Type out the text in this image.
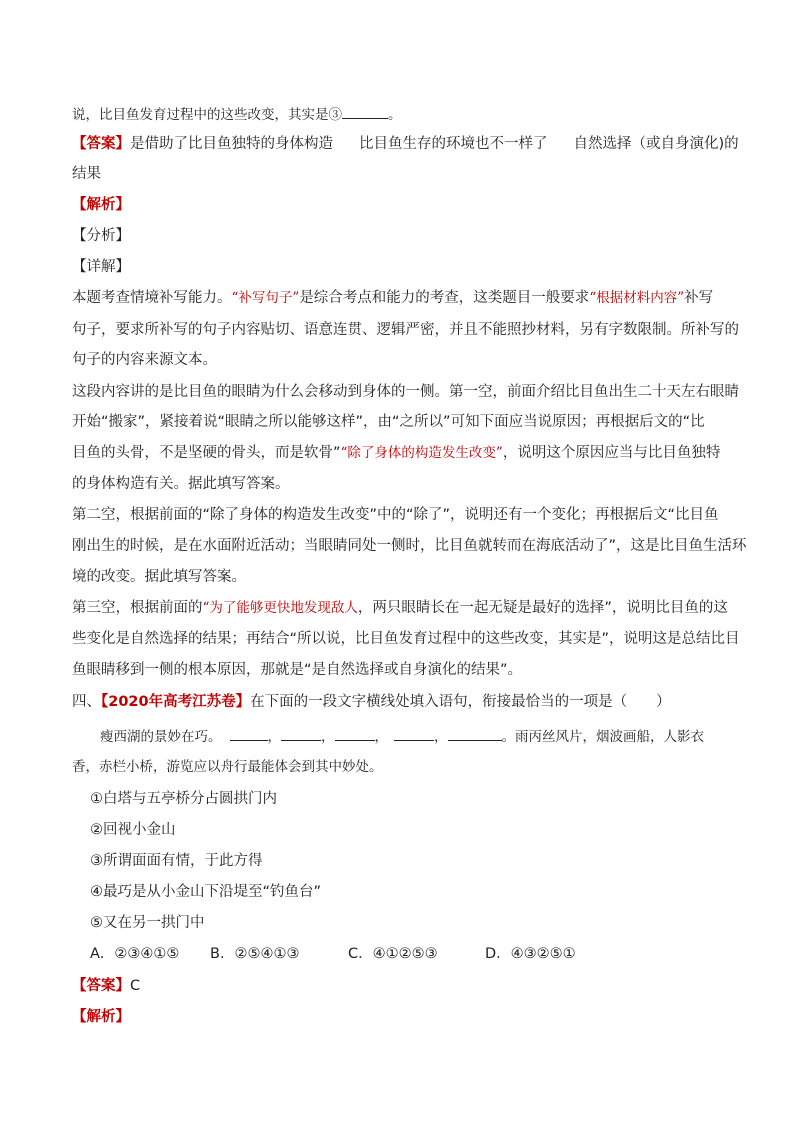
说，比目鱼发育过程中的这些改变，其实是③	。
【答案】是借助了比目鱼独特的身体构造 比目鱼生存的环境也不一样了 自然选择（或自身演化)的
结果
【解析】
【分析】
【详解】
本题考查情境补写能力。“补写句子”是综合考点和能力的考查，这类题目一般要求“根据材料内容”补写
句子，要求所补写的句子内容贴切、语意连贯、逻辑严密，并且不能照抄材料，另有字数限制。所补写的
句子的内容来源文本。
这段内容讲的是比目鱼的眼睛为什么会移动到身体的一侧。第一空，前面介绍比目鱼出生二十天左右眼睛
开始“搬家”，紧接着说“眼睛之所以能够这样”，由“之所以”可知下面应当说原因；再根据后文的“比
目鱼的头骨，不是坚硬的骨头，而是软骨”“除了身体的构造发生改变”，说明这个原因应当与比目鱼独特
的身体构造有关。据此填写答案。
第二空，根据前面的“除了身体的构造发生改变”中的“除了”，说明还有一个变化；再根据后文“比目鱼
刚出生的时候，是在水面附近活动；当眼睛同处一侧时，比目鱼就转而在海底活动了”，这是比目鱼生活环
境的改变。据此填写答案。
第三空，根据前面的“为了能够更快地发现敌人，两只眼睛长在一起无疑是最好的选择”，说明比目鱼的这
些变化是自然选择的结果；再结合“所以说，比目鱼发育过程中的这些改变，其实是”，说明这是总结比目
鱼眼睛移到一侧的根本原因，那就是“是自然选择或自身演化的结果”。
四、【2020年高考江苏卷】在下面的一段文字横线处填入语句，衔接最恰当的一项是（　　）
瘦西湖的景妙在巧。	，	，	，	，	。雨丙丝风片，烟波画船，人影衣
香，赤栏小桥，游览应以舟行最能体会到其中妙处。
①白塔与五亭桥分占圆拱门内
②回视小金山
③所谓面面有情，于此方得
④最巧是从小金山下沿堤至“钓鱼台”
⑤又在另一拱门中
A．②③④①⑤ B．②⑤④①③	C．④①②⑤③	D．④③②⑤①
【答案】C
【解析】
